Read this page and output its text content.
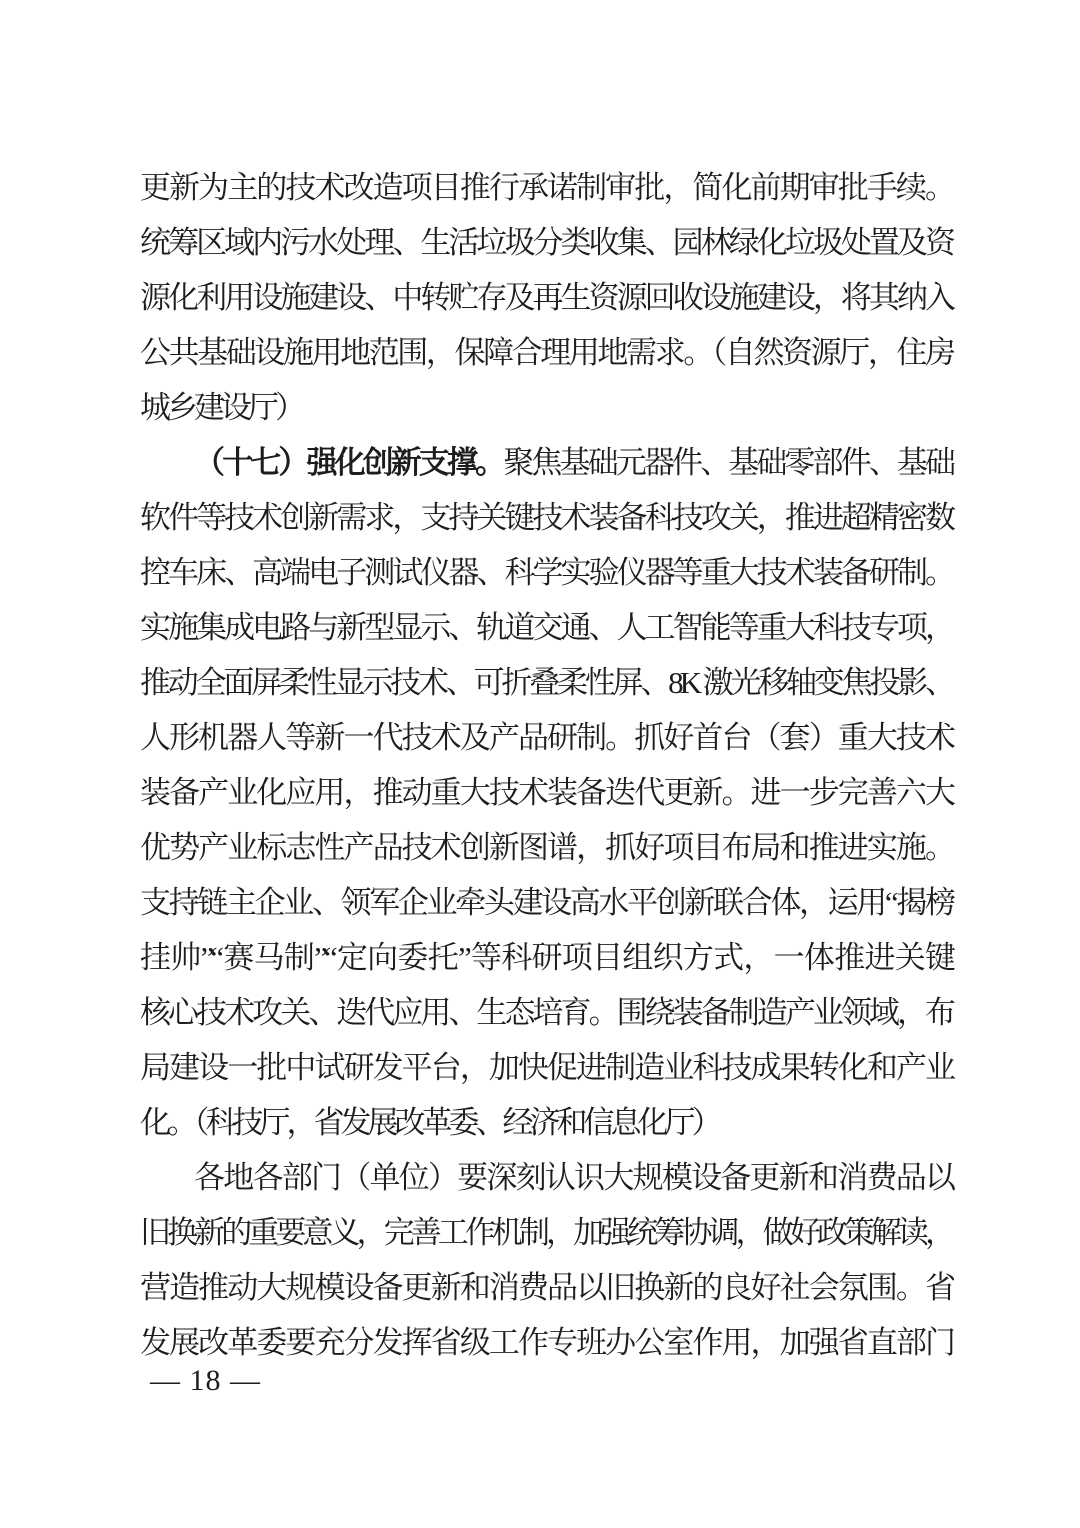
更新为主的技术改造项目推行承诺制审批，简化前期审批手续。
统筹区域内污水处理、生活垃圾分类收集、园林绿化垃圾处置及资
源化利用设施建设、中转贮存及再生资源回收设施建设，将其纳入
公共基础设施用地范围，保障合理用地需求。（自然资源厅，住房
城乡建设厅）
（十七）强化创新支撑。聚焦基础元器件、基础零部件、基础
软件等技术创新需求，支持关键技术装备科技攻关，推进超精密数
控车床、高端电子测试仪器、科学实验仪器等重大技术装备研制。
实施集成电路与新型显示、轨道交通、人工智能等重大科技专项，
推动全面屏柔性显示技术、可折叠柔性屏、8K 激光移轴变焦投影、
人形机器人等新一代技术及产品研制。抓好首台（套）重大技术
装备产业化应用，推动重大技术装备迭代更新。进一步完善六大
优势产业标志性产品技术创新图谱，抓好项目布局和推进实施。
支持链主企业、领军企业牵头建设高水平创新联合体，运用“揭榜
挂帅”“赛马制”“定向委托”等科研项目组织方式，一体推进关键
核心技术攻关、迭代应用、生态培育。围绕装备制造产业领域，布
局建设一批中试研发平台，加快促进制造业科技成果转化和产业
化。（科技厅，省发展改革委、经济和信息化厅）
各地各部门（单位）要深刻认识大规模设备更新和消费品以
旧换新的重要意义，完善工作机制，加强统筹协调，做好政策解读，
营造推动大规模设备更新和消费品以旧换新的良好社会氛围。省
发展改革委要充分发挥省级工作专班办公室作用，加强省直部门
— 18 —
